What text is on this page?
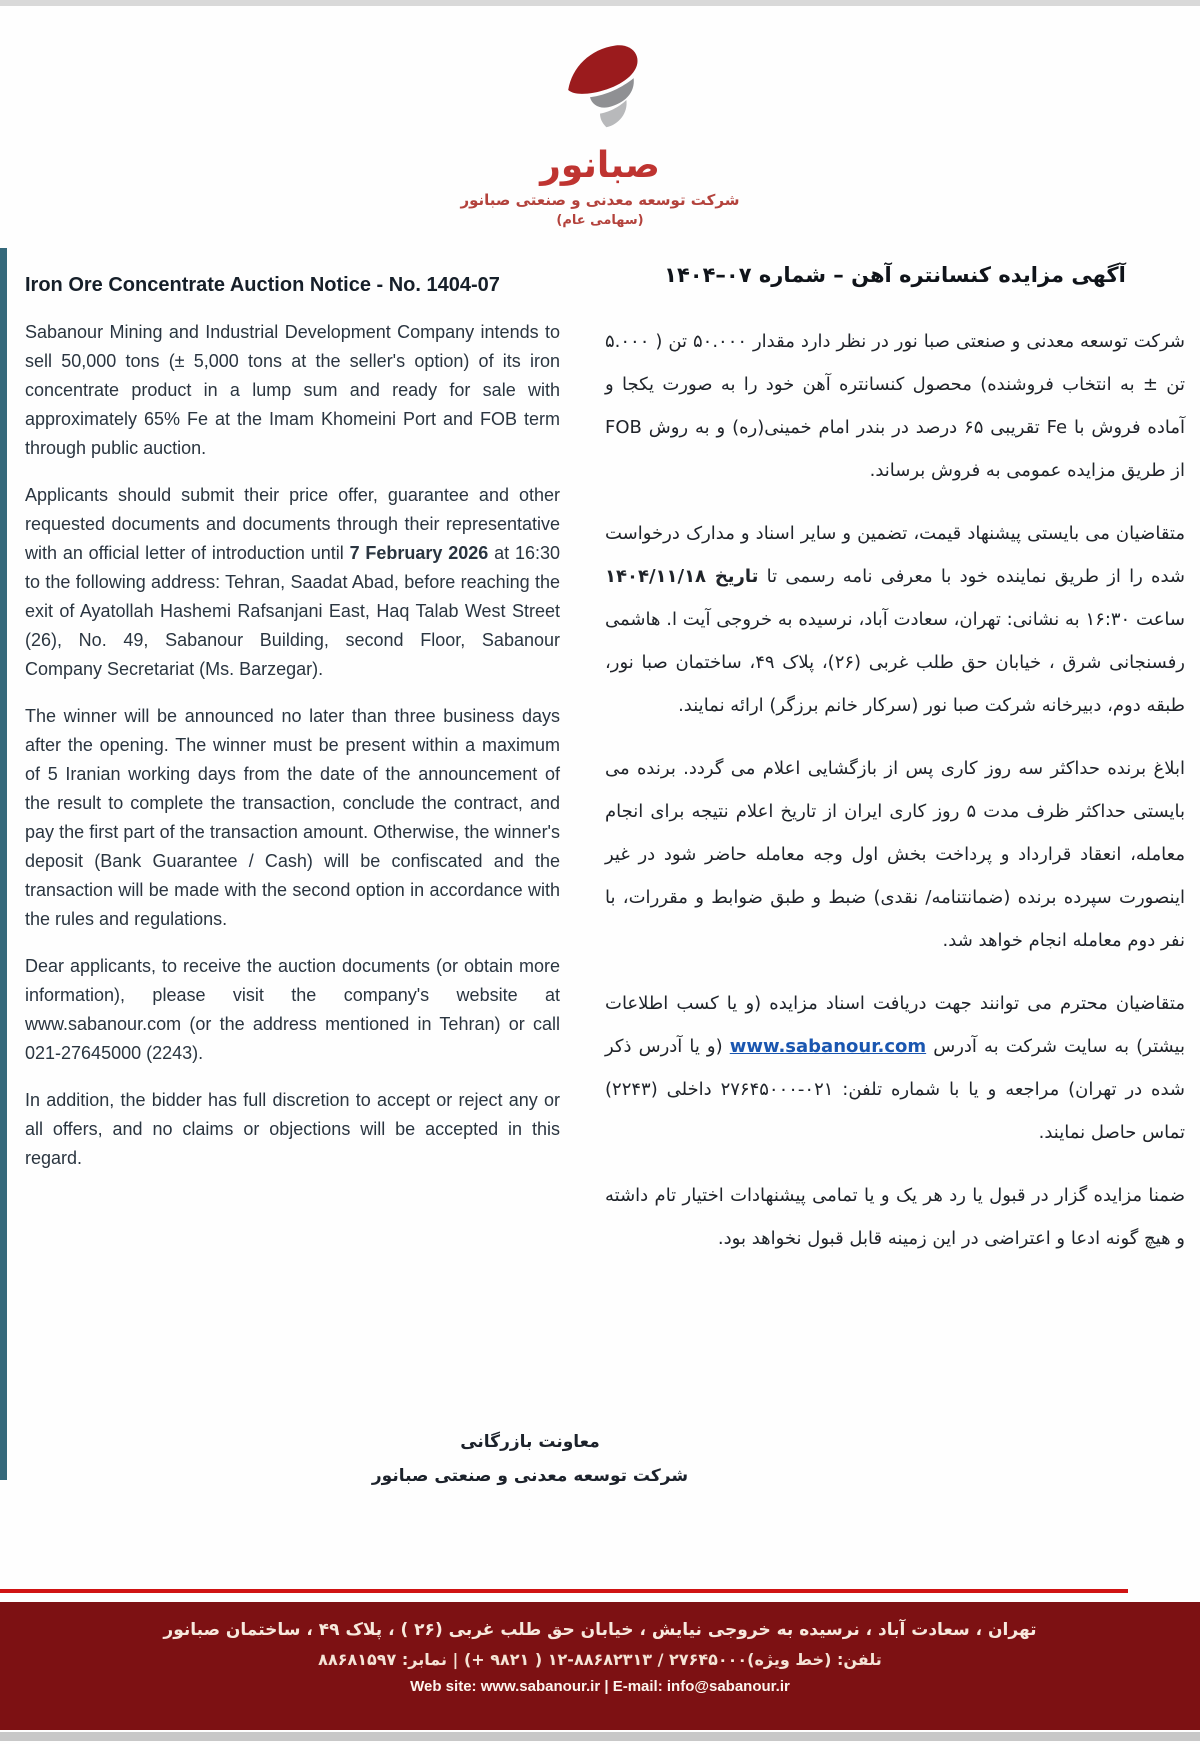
صبانور
شرکت توسعه معدنی و صنعتی صبانور
(سهامی عام)
Iron Ore Concentrate Auction Notice - No. 1404-07

Sabanour Mining and Industrial Development Company intends to sell 50,000 tons (± 5,000 tons at the seller's option) of its iron concentrate product in a lump sum and ready for sale with approximately 65% Fe at the Imam Khomeini Port and FOB term through public auction.

Applicants should submit their price offer, guarantee and other requested documents and documents through their representative with an official letter of introduction until 7 February 2026 at 16:30 to the following address: Tehran, Saadat Abad, before reaching the exit of Ayatollah Hashemi Rafsanjani East, Haq Talab West Street (26), No. 49, Sabanour Building, second Floor, Sabanour Company Secretariat (Ms. Barzegar).

The winner will be announced no later than three business days after the opening. The winner must be present within a maximum of 5 Iranian working days from the date of the announcement of the result to complete the transaction, conclude the contract, and pay the first part of the transaction amount. Otherwise, the winner's deposit (Bank Guarantee / Cash) will be confiscated and the transaction will be made with the second option in accordance with the rules and regulations.

Dear applicants, to receive the auction documents (or obtain more information), please visit the company's website at www.sabanour.com (or the address mentioned in Tehran) or call 021-27645000 (2243).

In addition, the bidder has full discretion to accept or reject any or all offers, and no claims or objections will be accepted in this regard.

آگهی مزایده کنسانتره آهن – شماره ۰۷–۱۴۰۴

شرکت توسعه معدنی و صنعتی صبا نور در نظر دارد مقدار ۵۰.۰۰۰ تن ( ۵.۰۰۰ تن ± به انتخاب فروشنده) محصول کنسانتره آهن خود را به صورت یکجا و آماده فروش با Fe تقریبی ۶۵ درصد در بندر امام خمینی(ره) و به روش FOB از طریق مزایده عمومی به فروش برساند.

متقاضیان می بایستی پیشنهاد قیمت، تضمین و سایر اسناد و مدارک درخواست شده را از طریق نماینده خود با معرفی نامه رسمی تا تاریخ ۱۴۰۴/۱۱/۱۸ ساعت ۱۶:۳۰ به نشانی: تهران، سعادت آباد، نرسیده به خروجی آیت ا. هاشمی رفسنجانی شرق ، خیابان حق طلب غربی (۲۶)، پلاک ۴۹، ساختمان صبا نور، طبقه دوم، دبیرخانه شرکت صبا نور (سرکار خانم برزگر) ارائه نمایند.

ابلاغ برنده حداکثر سه روز کاری پس از بازگشایی اعلام می گردد. برنده می بایستی حداکثر ظرف مدت ۵ روز کاری ایران از تاریخ اعلام نتیجه برای انجام معامله، انعقاد قرارداد و پرداخت بخش اول وجه معامله حاضر شود در غیر اینصورت سپرده برنده (ضمانتنامه/ نقدی) ضبط و طبق ضوابط و مقررات، با نفر دوم معامله انجام خواهد شد.

متقاضیان محترم می توانند جهت دریافت اسناد مزایده (و یا کسب اطلاعات بیشتر) به سایت شرکت به آدرس www.sabanour.com (و یا آدرس ذکر شده در تهران) مراجعه و یا با شماره تلفن: ۰۲۱-۲۷۶۴۵۰۰۰ داخلی (۲۲۴۳) تماس حاصل نمایند.

ضمنا مزایده گزار در قبول یا رد هر یک و یا تمامی پیشنهادات اختیار تام داشته و هیچ گونه ادعا و اعتراضی در این زمینه قابل قبول نخواهد بود.

معاونت بازرگانی
شرکت توسعه معدنی و صنعتی صبانور
تهران ، سعادت آباد ، نرسیده به خروجی نیایش ، خیابان حق طلب غربی (۲۶ ) ، پلاک ۴۹ ، ساختمان صبانور
تلفن: (خط ویژه)۲۷۶۴۵۰۰۰ / ۸۸۶۸۲۳۱۳-۱۲ ( ۹۸۲۱ +) | نمابر: ۸۸۶۸۱۵۹۷
Web site: www.sabanour.ir | E-mail: info@sabanour.ir
